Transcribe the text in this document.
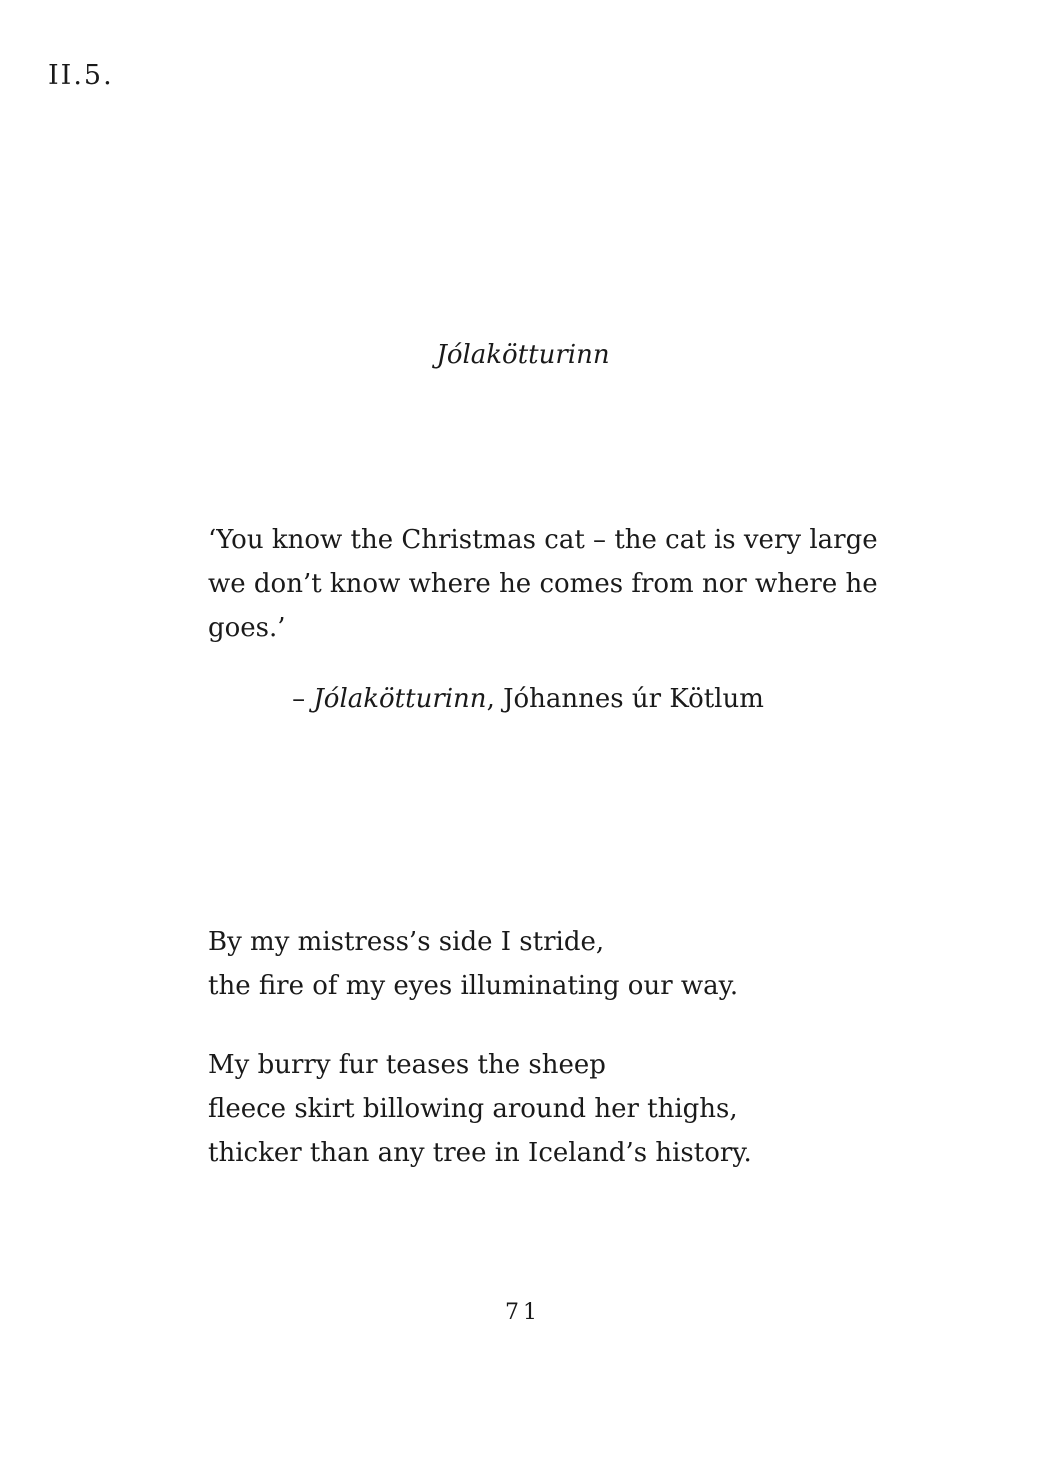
II.5.
Jólakötturinn
‘You know the Christmas cat – the cat is very large
we don’t know where he comes from nor where he
goes.’
– Jólakötturinn, Jóhannes úr Kötlum
By my mistress’s side I stride,
the fire of my eyes illuminating our way.
My burry fur teases the sheep
fleece skirt billowing around her thighs,
thicker than any tree in Iceland’s history.
71
